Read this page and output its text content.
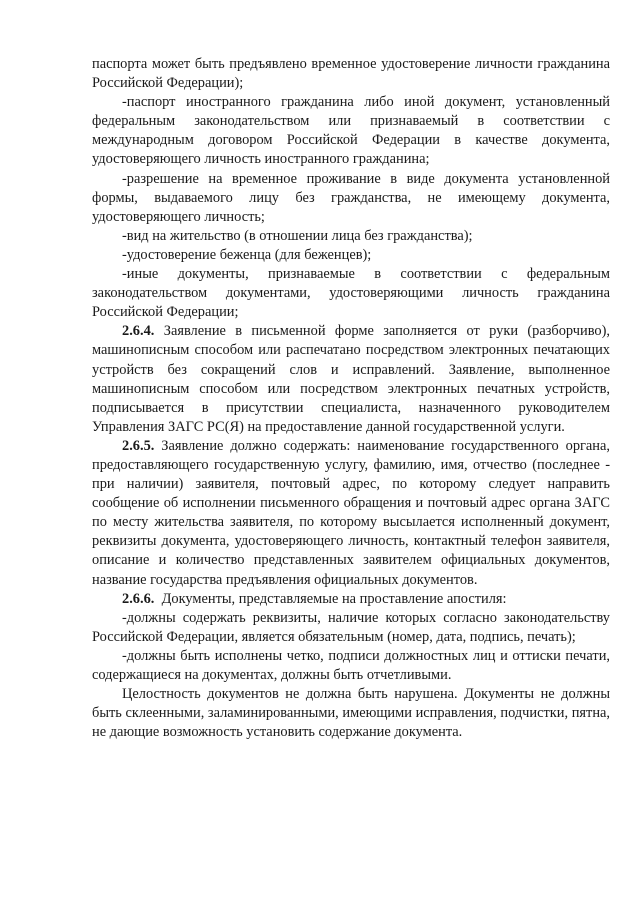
паспорта может быть предъявлено временное удостоверение личности гражданина Российской Федерации);

-паспорт иностранного гражданина либо иной документ, установленный федеральным законодательством или признаваемый в соответствии с международным договором Российской Федерации в качестве документа, удостоверяющего личность иностранного гражданина;

-разрешение на временное проживание в виде документа установленной формы, выдаваемого лицу без гражданства, не имеющему документа, удостоверяющего личность;

-вид на жительство (в отношении лица без гражданства);

-удостоверение беженца (для беженцев);

-иные документы, признаваемые в соответствии с федеральным законодательством документами, удостоверяющими личность гражданина Российской Федерации;

2.6.4. Заявление в письменной форме заполняется от руки (разборчиво), машинописным способом или распечатано посредством электронных печатающих устройств без сокращений слов и исправлений. Заявление, выполненное машинописным способом или посредством электронных печатных устройств, подписывается в присутствии специалиста, назначенного руководителем Управления ЗАГС РС(Я) на предоставление данной государственной услуги.

2.6.5. Заявление должно содержать: наименование государственного органа, предоставляющего государственную услугу, фамилию, имя, отчество (последнее - при наличии) заявителя, почтовый адрес, по которому следует направить сообщение об исполнении письменного обращения и почтовый адрес органа ЗАГС по месту жительства заявителя, по которому высылается исполненный документ, реквизиты документа, удостоверяющего личность, контактный телефон заявителя, описание и количество представленных заявителем официальных документов, название государства предъявления официальных документов.

2.6.6.  Документы, представляемые на проставление апостиля:

-должны содержать реквизиты, наличие которых согласно законодательству Российской Федерации, является обязательным (номер, дата, подпись, печать);

-должны быть исполнены четко, подписи должностных лиц и оттиски печати, содержащиеся на документах, должны быть отчетливыми.

Целостность документов не должна быть нарушена. Документы не должны быть склеенными, заламинированными, имеющими исправления, подчистки, пятна, не дающие возможность установить содержание документа.
